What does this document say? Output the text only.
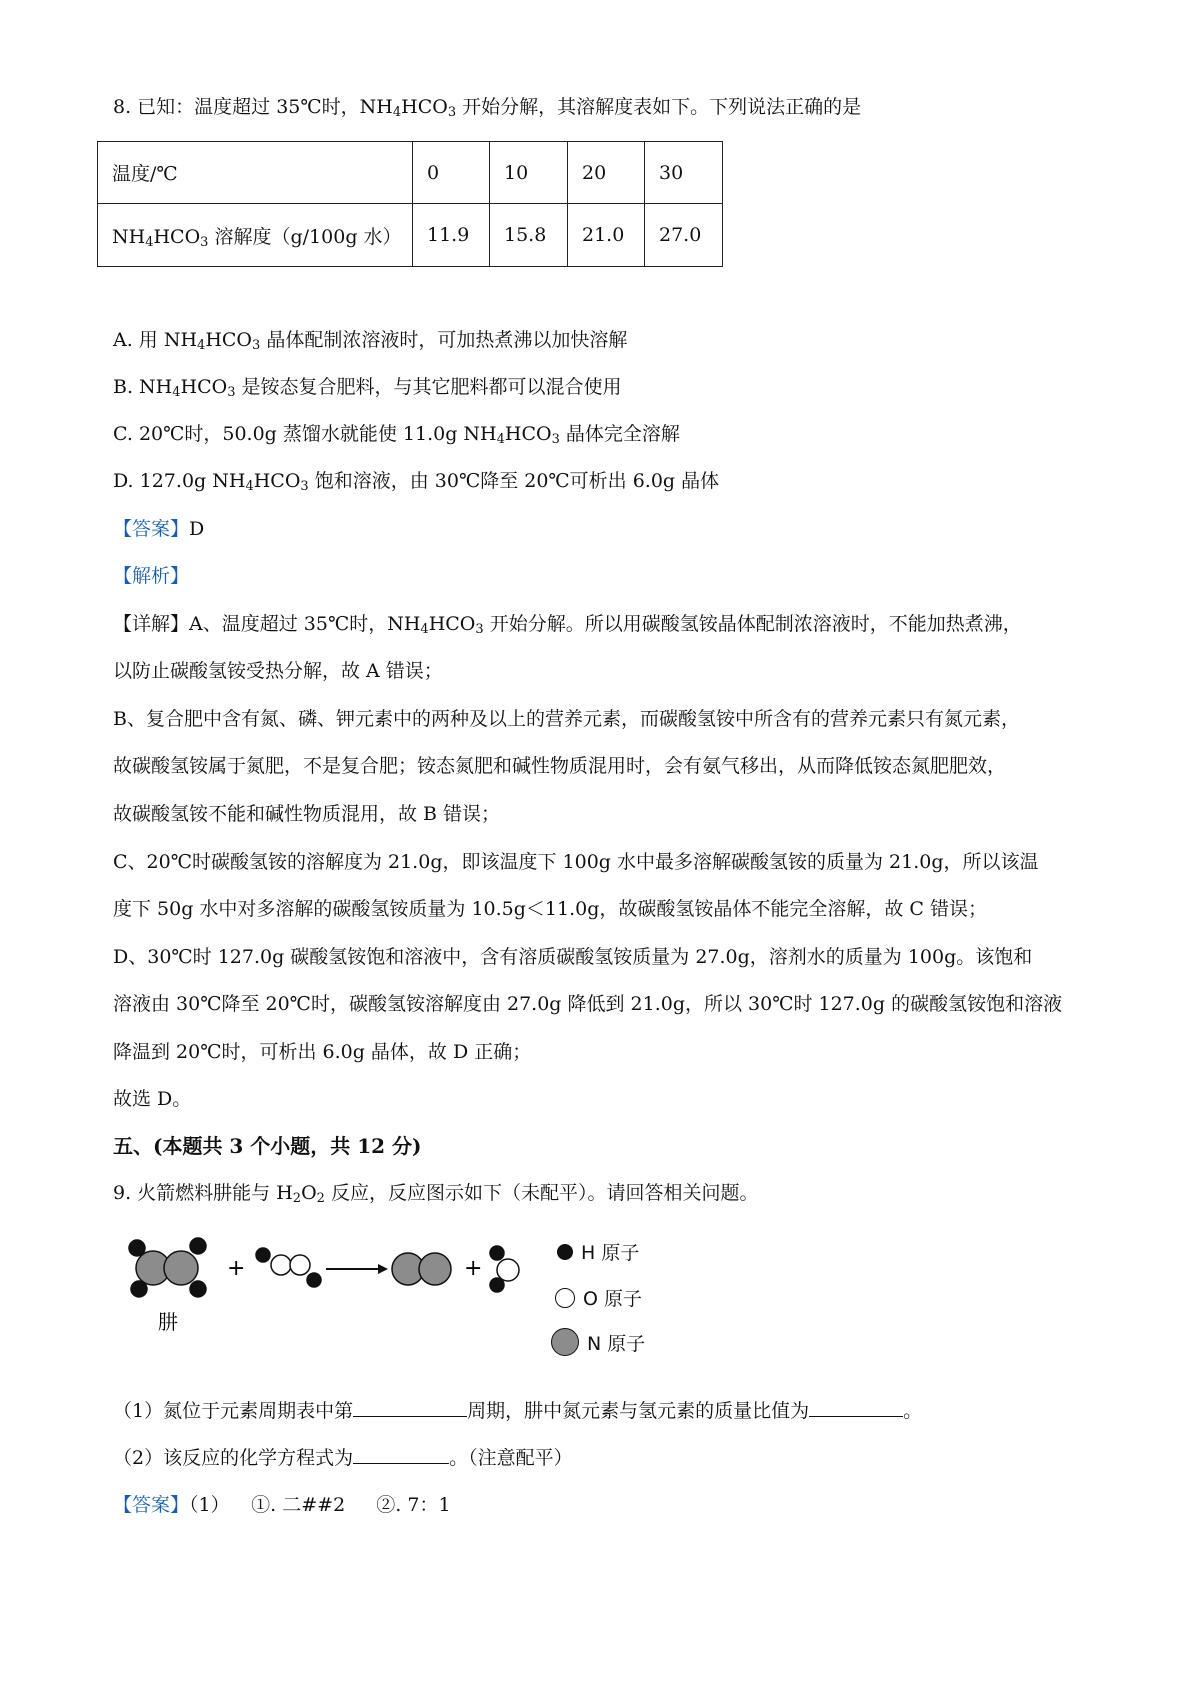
8. 已知：温度超过 35℃时，$NH_4HCO_3$ 开始分解，其溶解度表如下。下列说法正确的是
温度/℃	0	10	20	30
$NH_4HCO_3$ 溶解度（g/100g 水）	11.9	15.8	21.0	27.0
A. 用 $NH_4HCO_3$ 晶体配制浓溶液时，可加热煮沸以加快溶解
B. $NH_4HCO_3$ 是铵态复合肥料，与其它肥料都可以混合使用
C. 20℃时，50.0g 蒸馏水就能使 11.0g $NH_4HCO_3$ 晶体完全溶解
D. 127.0g $NH_4HCO_3$ 饱和溶液，由 30℃降至 20℃可析出 6.0g 晶体
【答案】D
【解析】
【详解】A、温度超过 35℃时，$NH_4HCO_3$ 开始分解。所以用碳酸氢铵晶体配制浓溶液时，不能加热煮沸，
以防止碳酸氢铵受热分解，故 A 错误；
B、复合肥中含有氮、磷、钾元素中的两种及以上的营养元素，而碳酸氢铵中所含有的营养元素只有氮元素，
故碳酸氢铵属于氮肥，不是复合肥；铵态氮肥和碱性物质混用时，会有氨气移出，从而降低铵态氮肥肥效，
故碳酸氢铵不能和碱性物质混用，故 B 错误；
C、20℃时碳酸氢铵的溶解度为 21.0g，即该温度下 100g 水中最多溶解碳酸氢铵的质量为 21.0g，所以该温
度下 50g 水中对多溶解的碳酸氢铵质量为 10.5g＜11.0g，故碳酸氢铵晶体不能完全溶解，故 C 错误；
D、30℃时 127.0g 碳酸氢铵饱和溶液中，含有溶质碳酸氢铵质量为 27.0g，溶剂水的质量为 100g。该饱和
溶液由 30℃降至 20℃时，碳酸氢铵溶解度由 27.0g 降低到 21.0g，所以 30℃时 127.0g 的碳酸氢铵饱和溶液
降温到 20℃时，可析出 6.0g 晶体，故 D 正确；
故选 D。
五、(本题共 3 个小题，共 12 分)
9. 火箭燃料肼能与 $H_2O_2$ 反应，反应图示如下（未配平）。请回答相关问题。
+	+
肼
H 原子
O 原子
N 原子
（1）氮位于元素周期表中第	周期，肼中氮元素与氢元素的质量比值为	。
（2）该反应的化学方程式为	。（注意配平）
【答案】（1）　  ①. 二##2　  ②. 7：1
